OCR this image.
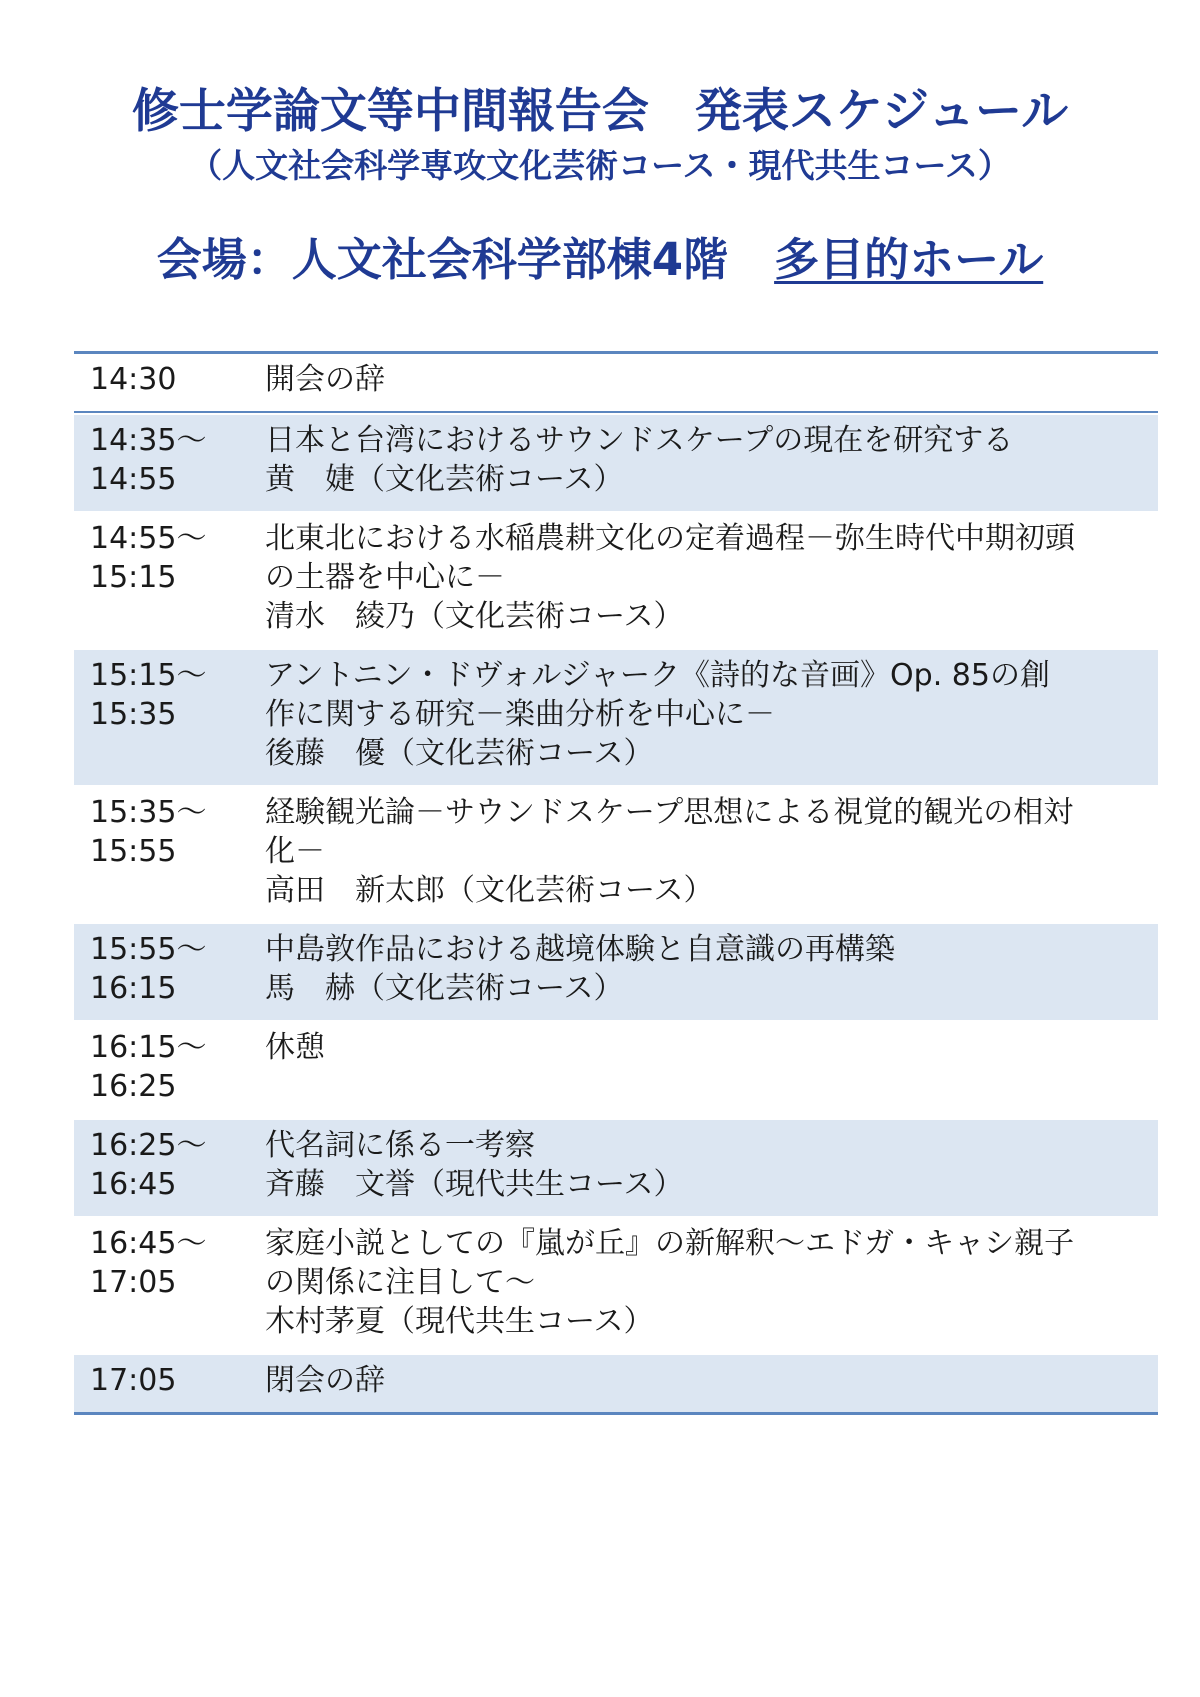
修士学論文等中間報告会 発表スケジュール
（人文社会科学専攻文化芸術コース・現代共生コース）
会場：人文社会科学部棟4階 多目的ホール
14:30	開会の辞
14:35～
14:55
日本と台湾におけるサウンドスケープの現在を研究する
黄　婕（文化芸術コース）
14:55～
15:15
北東北における水稲農耕文化の定着過程－弥生時代中期初頭
の土器を中心に－
清水　綾乃（文化芸術コース）
15:15～
15:35
アントニン・ドヴォルジャーク《詩的な音画》Op. 85の創
作に関する研究－楽曲分析を中心に－
後藤　優（文化芸術コース）
15:35～
15:55
経験観光論－サウンドスケープ思想による視覚的観光の相対
化－
高田　新太郎（文化芸術コース）
15:55～
16:15
中島敦作品における越境体験と自意識の再構築
馬　赫（文化芸術コース）
16:15～
16:25
休憩
16:25～
16:45
代名詞に係る一考察
斉藤　文誉（現代共生コース）
16:45～
17:05
家庭小説としての『嵐が丘』の新解釈～エドガ・キャシ親子
の関係に注目して～
木村茅夏（現代共生コース）
17:05	閉会の辞
